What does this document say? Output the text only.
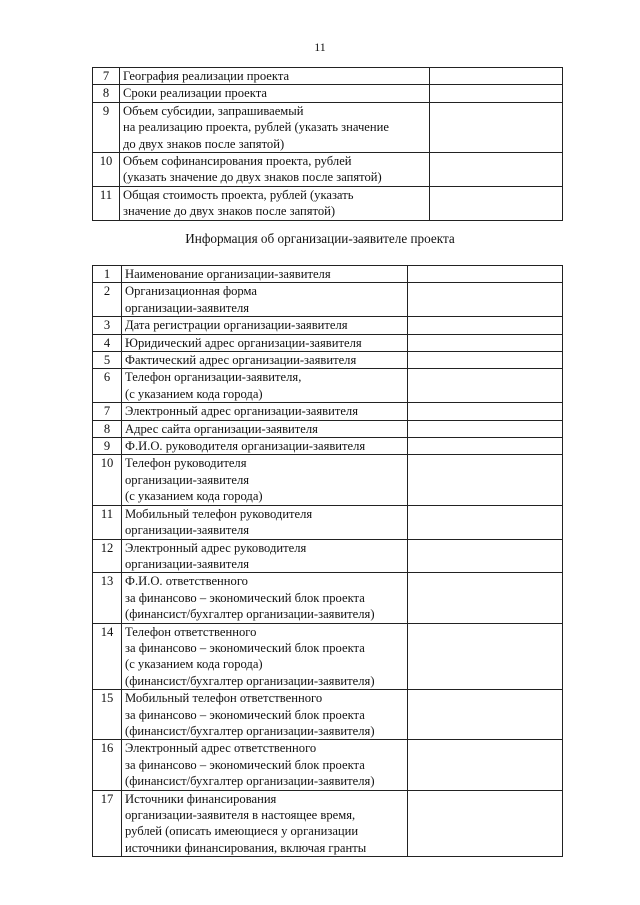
11
7	География реализации проекта	

8	Сроки реализации проекта	

9	Объем субсидии, запрашиваемый
на реализацию проекта, рублей (указать значение
до двух знаков после запятой)	

10	Объем софинансирования проекта, рублей
(указать значение до двух знаков после запятой)	

11	Общая стоимость проекта, рублей (указать
значение до двух знаков после запятой)	

Информация об организации-заявителе проекта
1	Наименование организации-заявителя	

2	Организационная форма
организации-заявителя	

3	Дата регистрации организации-заявителя	

4	Юридический адрес организации-заявителя	

5	Фактический адрес организации-заявителя	

6	Телефон организации-заявителя,
(с указанием кода города)	

7	Электронный адрес организации-заявителя	

8	Адрес сайта организации-заявителя	

9	Ф.И.О. руководителя организации-заявителя	

10	Телефон руководителя
организации-заявителя
(с указанием кода города)	

11	Мобильный телефон руководителя
организации-заявителя	

12	Электронный адрес руководителя
организации-заявителя	

13	Ф.И.О. ответственного
за финансово – экономический блок проекта
(финансист/бухгалтер организации-заявителя)	

14	Телефон ответственного
за финансово – экономический блок проекта
(с указанием кода города)
(финансист/бухгалтер организации-заявителя)	

15	Мобильный телефон ответственного
за финансово – экономический блок проекта
(финансист/бухгалтер организации-заявителя)	

16	Электронный адрес ответственного
за финансово – экономический блок проекта
(финансист/бухгалтер организации-заявителя)	

17	Источники финансирования
организации-заявителя в настоящее время,
рублей (описать имеющиеся у организации
источники финансирования, включая гранты	
